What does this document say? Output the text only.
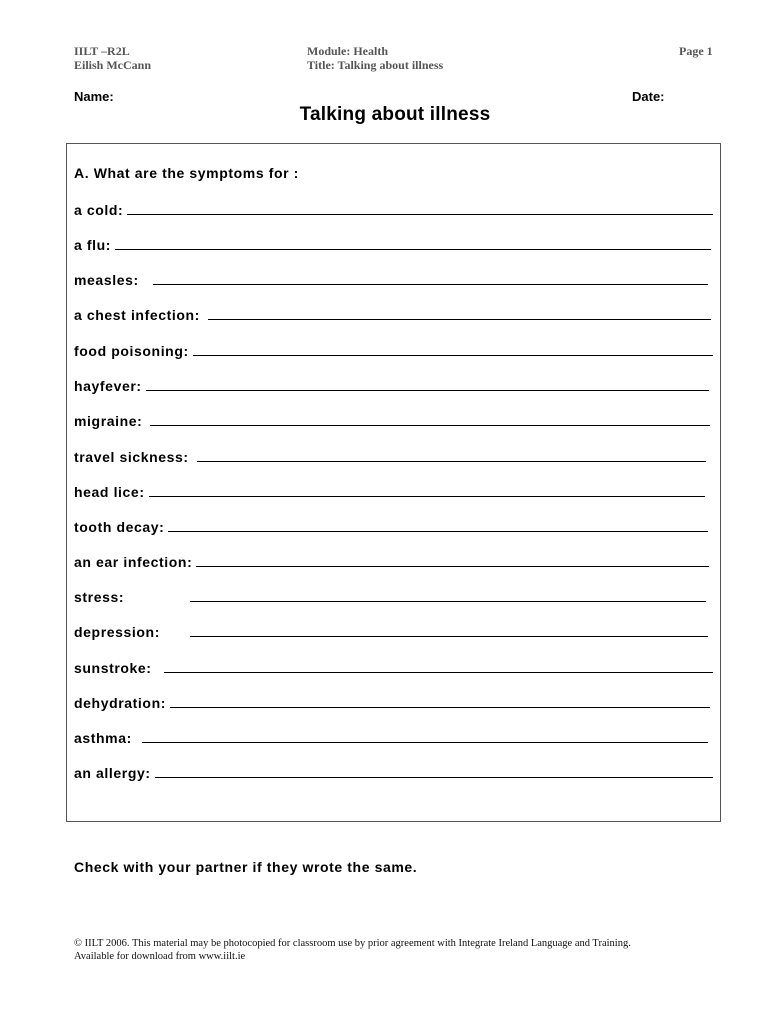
IILT –R2L
Eilish McCann
Module: Health
Title: Talking about illness
Page 1
Name:	Date:
Talking about illness
A. What are the symptoms for :
a cold:
a flu:
measles:
a chest infection:
food poisoning:
hayfever:
migraine:
travel sickness:
head lice:
tooth decay:
an ear infection:
stress:
depression:
sunstroke:
dehydration:
asthma:
an allergy:
Check with your partner if they wrote the same.
© IILT 2006. This material may be photocopied for classroom use by prior agreement with Integrate Ireland Language and Training.
Available for download from www.iilt.ie
